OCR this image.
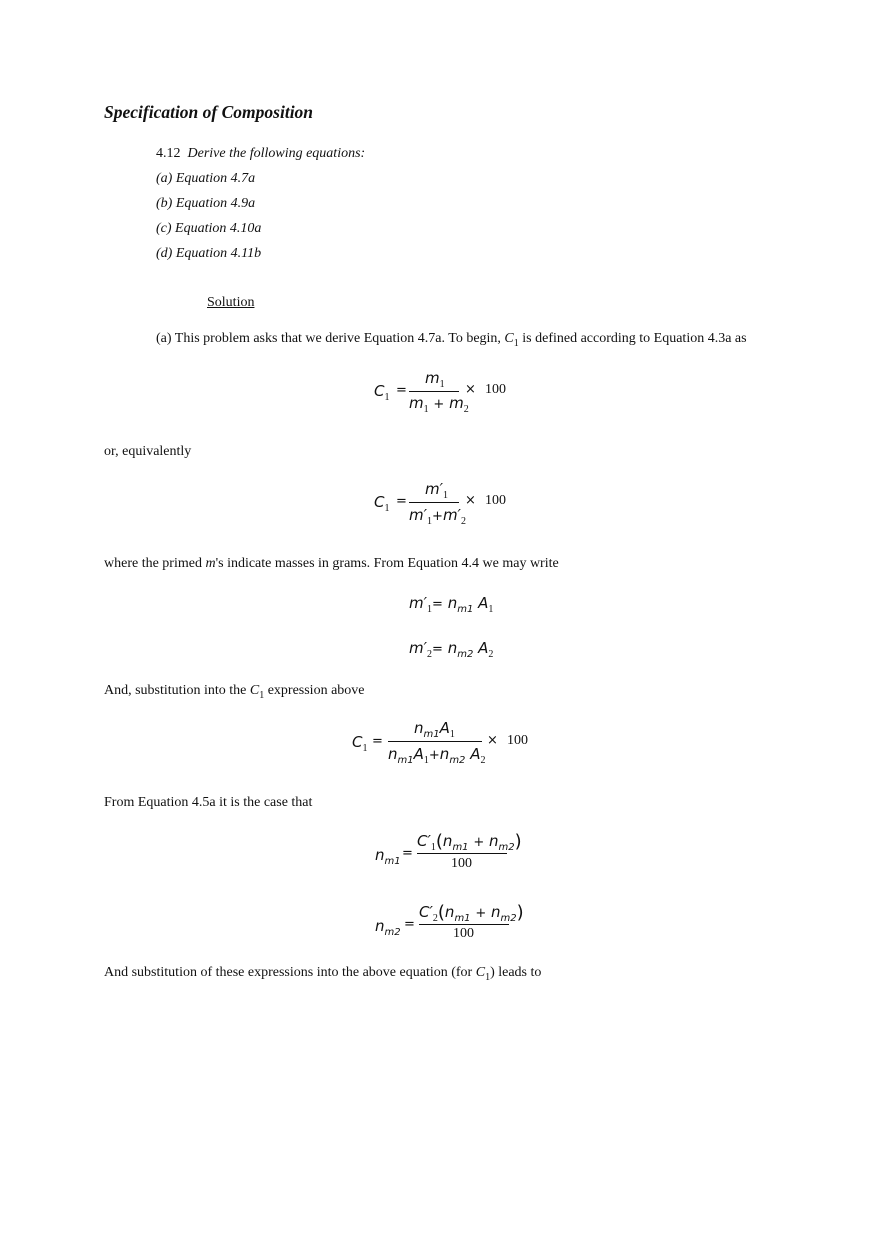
Specification of Composition
4.12 Derive the following equations:
(a) Equation 4.7a
(b) Equation 4.9a
(c) Equation 4.10a
(d) Equation 4.11b
Solution
(a) This problem asks that we derive Equation 4.7a. To begin, $C_1$ is defined according to Equation 4.3a as
$C_1$ =
$m_1$
$m_1 + m_2$
× 100
or, equivalently
$C_1$ =
$m'_1$
$m'_1+m'_2$
× 100
where the primed m's indicate masses in grams. From Equation 4.4 we may write
$m'_1= n_{m1}$ $A_1$
$m'_2= n_{m2}$ $A_2$
And, substitution into the $C_1$ expression above
$C_1$ =
$n_{m1}A_1$
$n_{m1}A_1+n_{m2}$ $A_2$
× 100
From Equation 4.5a it is the case that
$n_{m1}$
=
$C'_1(n_{m1} + n_{m2})$
100
$n_{m2}$
=
$C'_2(n_{m1} + n_{m2})$
100
And substitution of these expressions into the above equation (for $C_1$) leads to
